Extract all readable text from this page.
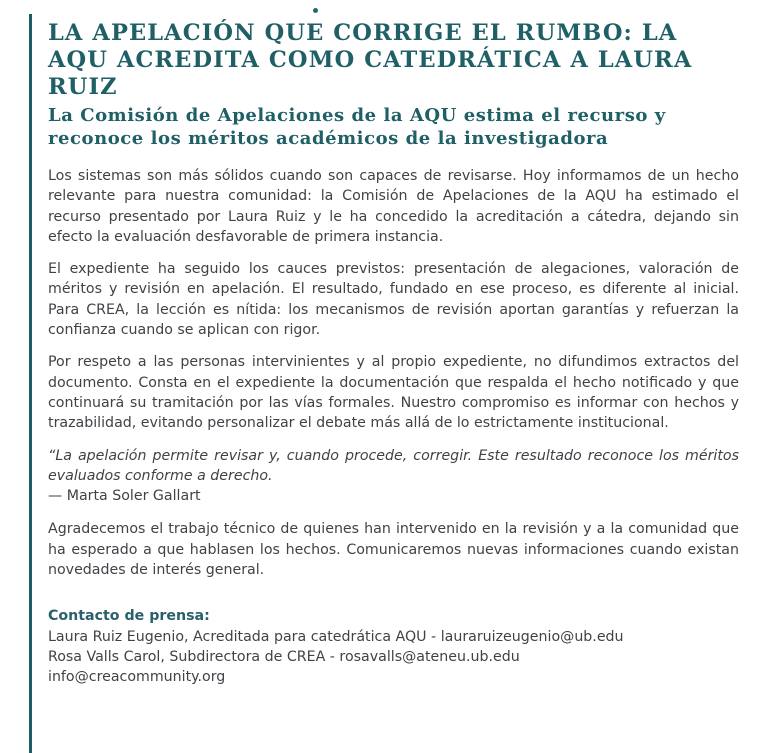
LA APELACIÓN QUE CORRIGE EL RUMBO: LA AQU ACREDITA COMO CATEDRÁTICA A LAURA RUIZ
La Comisión de Apelaciones de la AQU estima el recurso y reconoce los méritos académicos de la investigadora

Los sistemas son más sólidos cuando son capaces de revisarse. Hoy informamos de un hecho relevante para nuestra comunidad: la Comisión de Apelaciones de la AQU ha estimado el recurso presentado por Laura Ruiz y le ha concedido la acreditación a cátedra, dejando sin efecto la evaluación desfavorable de primera instancia.

El expediente ha seguido los cauces previstos: presentación de alegaciones, valoración de méritos y revisión en apelación. El resultado, fundado en ese proceso, es diferente al inicial. Para CREA, la lección es nítida: los mecanismos de revisión aportan garantías y refuerzan la confianza cuando se aplican con rigor.

Por respeto a las personas intervinientes y al propio expediente, no difundimos extractos del documento. Consta en el expediente la documentación que respalda el hecho notificado y que continuará su tramitación por las vías formales. Nuestro compromiso es informar con hechos y trazabilidad, evitando personalizar el debate más allá de lo estrictamente institucional.

“La apelación permite revisar y, cuando procede, corregir. Este resultado reconoce los méritos evaluados conforme a derecho.

— Marta Soler Gallart

Agradecemos el trabajo técnico de quienes han intervenido en la revisión y a la comunidad que ha esperado a que hablasen los hechos. Comunicaremos nuevas informaciones cuando existan novedades de interés general.

Contacto de prensa:

Laura Ruiz Eugenio, Acreditada para catedrática AQU - lauraruizeugenio@ub.edu

Rosa Valls Carol, Subdirectora de CREA - rosavalls@ateneu.ub.edu

info@creacommunity.org
